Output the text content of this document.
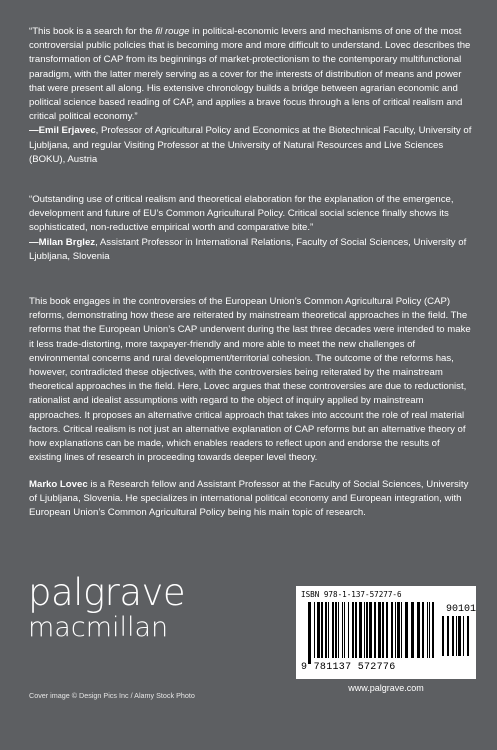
“This book is a search for the fil rouge in political-economic levers and mechanisms of one of the most controversial public policies that is becoming more and more difficult to understand. Lovec describes the transformation of CAP from its beginnings of market-protectionism to the contemporary multifunctional paradigm, with the latter merely serving as a cover for the interests of distribution of means and power that were present all along. His extensive chronology builds a bridge between agrarian economic and political science based reading of CAP, and applies a brave focus through a lens of critical realism and critical political economy.”
—Emil Erjavec, Professor of Agricultural Policy and Economics at the Biotechnical Faculty, University of Ljubljana, and regular Visiting Professor at the University of Natural Resources and Live Sciences (BOKU), Austria

“Outstanding use of critical realism and theoretical elaboration for the explanation of the emergence, development and future of EU’s Common Agricultural Policy. Critical social science finally shows its sophisticated, non-reductive empirical worth and comparative bite.”
—Milan Brglez, Assistant Professor in International Relations, Faculty of Social Sciences, University of Ljubljana, Slovenia

This book engages in the controversies of the European Union’s Common Agricultural Policy (CAP) reforms, demonstrating how these are reiterated by mainstream theoretical approaches in the field. The reforms that the European Union’s CAP underwent during the last three decades were intended to make it less trade-distorting, more taxpayer-friendly and more able to meet the new challenges of environmental concerns and rural development/territorial cohesion. The outcome of the reforms has, however, contradicted these objectives, with the controversies being reiterated by the mainstream theoretical approaches in the field. Here, Lovec argues that these controversies are due to reductionist, rationalist and idealist assumptions with regard to the object of inquiry applied by mainstream approaches. It proposes an alternative critical approach that takes into account the role of real material factors. Critical realism is not just an alternative explanation of CAP reforms but an alternative theory of how explanations can be made, which enables readers to reflect upon and endorse the results of existing lines of research in proceeding towards deeper level theory.

Marko Lovec is a Research fellow and Assistant Professor at the Faculty of Social Sciences, University of Ljubljana, Slovenia. He specializes in international political economy and European integration, with European Union’s Common Agricultural Policy being his main topic of research.

palgrave
macmillan
Cover image © Design Pics Inc / Alamy Stock Photo
ISBN 978-1-137-57277-6
90101
9 781137 572776
www.palgrave.com
